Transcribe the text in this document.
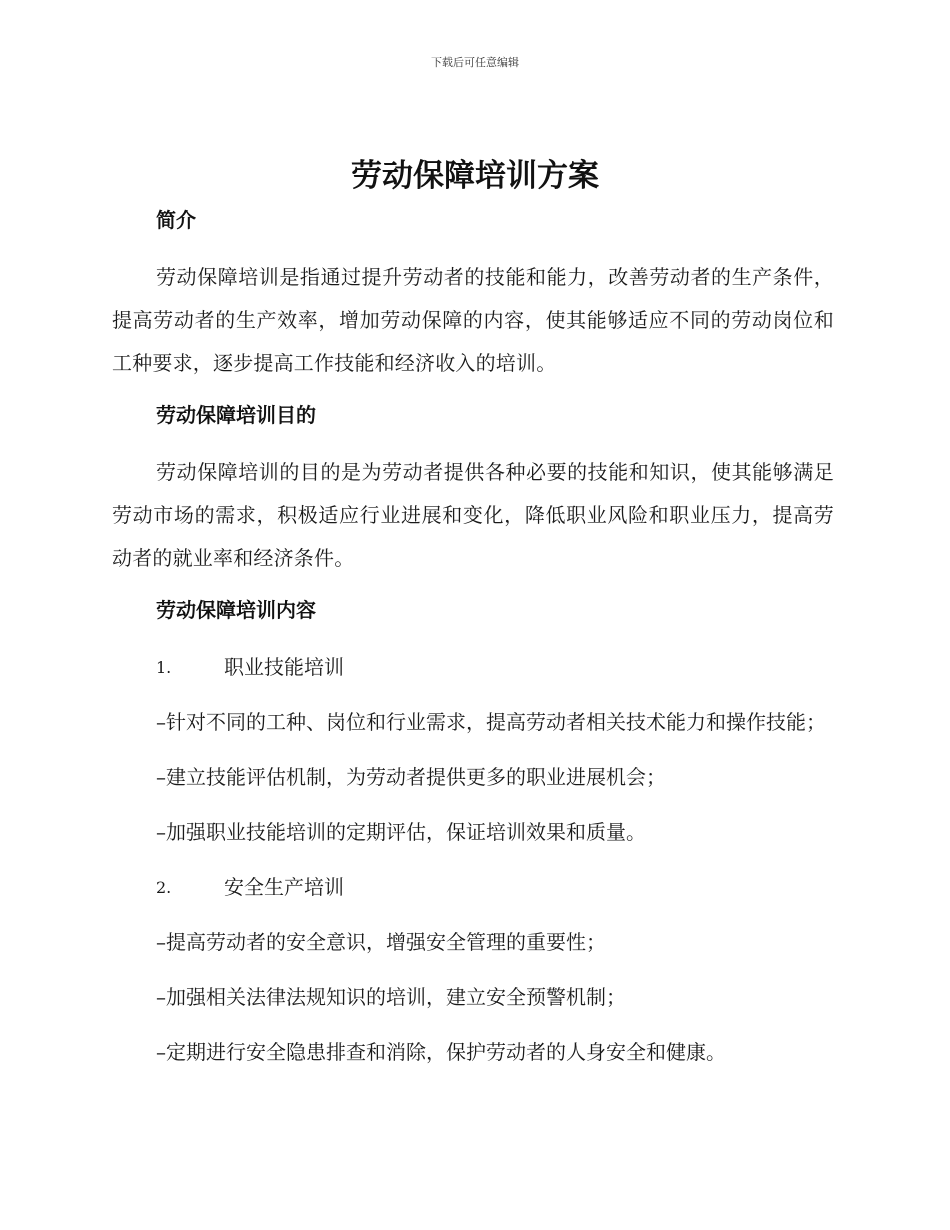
下载后可任意编辑
劳动保障培训方案
简介

劳动保障培训是指通过提升劳动者的技能和能力，改善劳动者的生产条件，提高劳动者的生产效率，增加劳动保障的内容，使其能够适应不同的劳动岗位和工种要求，逐步提高工作技能和经济收入的培训。

劳动保障培训目的

劳动保障培训的目的是为劳动者提供各种必要的技能和知识，使其能够满足劳动市场的需求，积极适应行业进展和变化，降低职业风险和职业压力，提高劳动者的就业率和经济条件。

劳动保障培训内容
1.	职业技能培训

–针对不同的工种、岗位和行业需求，提高劳动者相关技术能力和操作技能；

–建立技能评估机制，为劳动者提供更多的职业进展机会；

–加强职业技能培训的定期评估，保证培训效果和质量。

2.	安全生产培训

–提高劳动者的安全意识，增强安全管理的重要性；

–加强相关法律法规知识的培训，建立安全预警机制；

–定期进行安全隐患排查和消除，保护劳动者的人身安全和健康。
